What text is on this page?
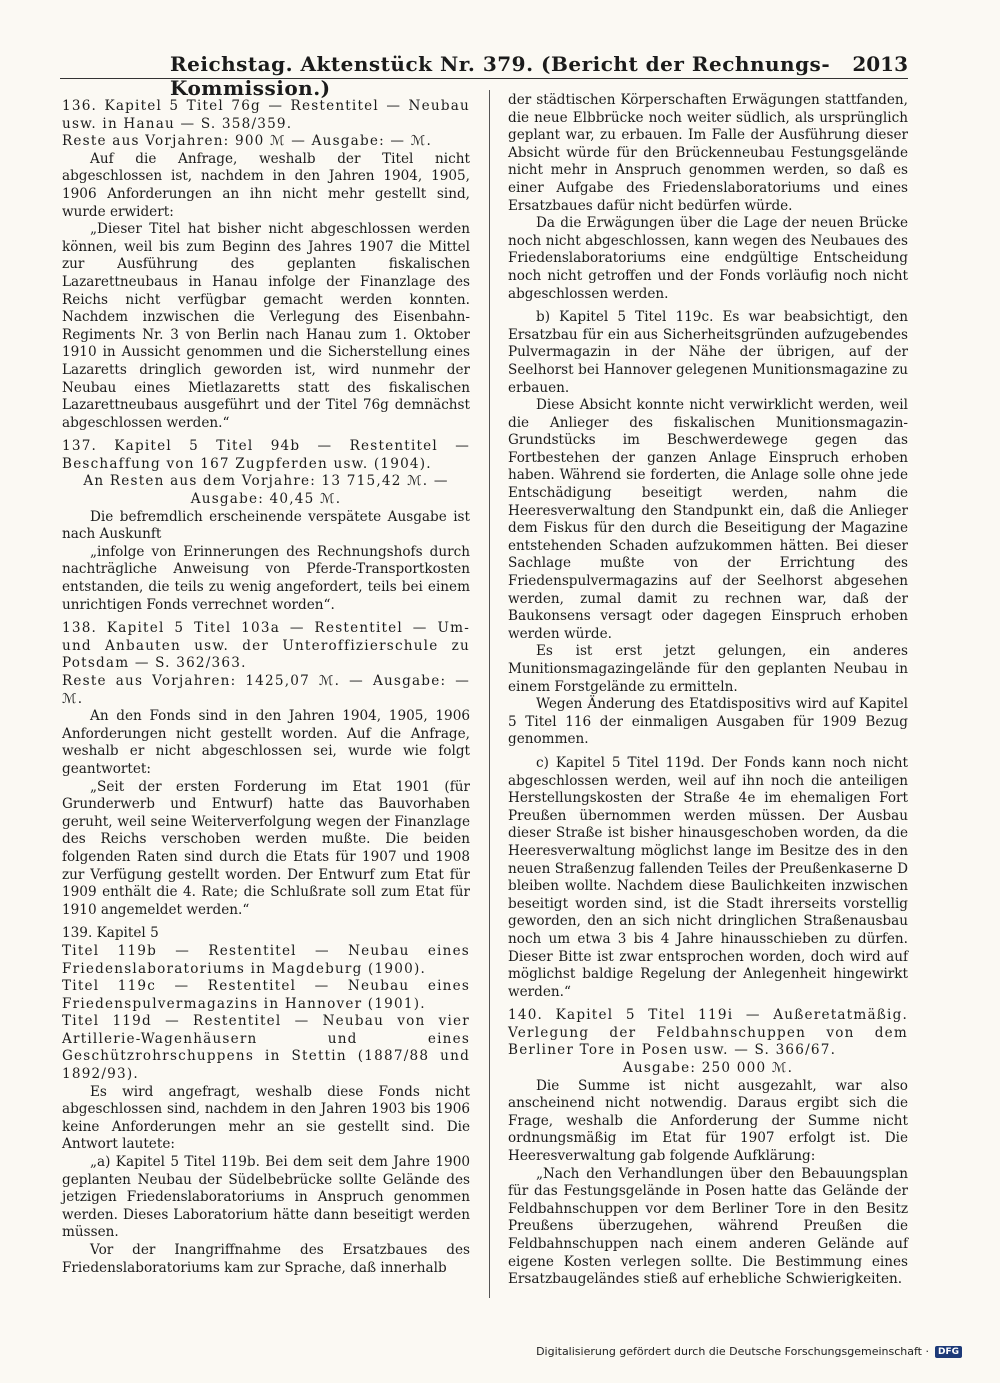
Reichstag. Aktenstück Nr. 379. (Bericht der Rechnungs-Kommission.)
2013

136. Kapitel 5 Titel 76g — Restentitel — Neubau usw. in Hanau — S. 358/359.

Reste aus Vorjahren: 900 ℳ — Ausgabe: — ℳ.

Auf die Anfrage, weshalb der Titel nicht abgeschlossen ist, nachdem in den Jahren 1904, 1905, 1906 Anforderungen an ihn nicht mehr gestellt sind, wurde erwidert:

„Dieser Titel hat bisher nicht abgeschlossen werden können, weil bis zum Beginn des Jahres 1907 die Mittel zur Ausführung des geplanten fiskalischen Lazarettneubaus in Hanau infolge der Finanzlage des Reichs nicht verfügbar gemacht werden konnten. Nachdem inzwischen die Verlegung des Eisenbahn-Regiments Nr. 3 von Berlin nach Hanau zum 1. Oktober 1910 in Aussicht genommen und die Sicherstellung eines Lazaretts dringlich geworden ist, wird nunmehr der Neubau eines Mietlazaretts statt des fiskalischen Lazarettneubaus ausgeführt und der Titel 76g demnächst abgeschlossen werden.“

137. Kapitel 5 Titel 94b — Restentitel — Beschaffung von 167 Zugpferden usw. (1904).

An Resten aus dem Vorjahre: 13 715,42 ℳ. — Ausgabe: 40,45 ℳ.

Die befremdlich erscheinende verspätete Ausgabe ist nach Auskunft

„infolge von Erinnerungen des Rechnungshofs durch nachträgliche Anweisung von Pferde-Transportkosten entstanden, die teils zu wenig angefordert, teils bei einem unrichtigen Fonds verrechnet worden“.

138. Kapitel 5 Titel 103a — Restentitel — Um- und Anbauten usw. der Unteroffizierschule zu Potsdam — S. 362/363.

Reste aus Vorjahren: 1425,07 ℳ. — Ausgabe: — ℳ.

An den Fonds sind in den Jahren 1904, 1905, 1906 Anforderungen nicht gestellt worden. Auf die Anfrage, weshalb er nicht abgeschlossen sei, wurde wie folgt geantwortet:

„Seit der ersten Forderung im Etat 1901 (für Grunderwerb und Entwurf) hatte das Bauvorhaben geruht, weil seine Weiterverfolgung wegen der Finanzlage des Reichs verschoben werden mußte. Die beiden folgenden Raten sind durch die Etats für 1907 und 1908 zur Verfügung gestellt worden. Der Entwurf zum Etat für 1909 enthält die 4. Rate; die Schlußrate soll zum Etat für 1910 angemeldet werden.“

139. Kapitel 5

Titel 119b — Restentitel — Neubau eines Friedenslaboratoriums in Magdeburg (1900).

Titel 119c — Restentitel — Neubau eines Friedenspulvermagazins in Hannover (1901).

Titel 119d — Restentitel — Neubau von vier Artillerie-Wagenhäusern und eines Geschützrohrschuppens in Stettin (1887/88 und 1892/93).

Es wird angefragt, weshalb diese Fonds nicht abgeschlossen sind, nachdem in den Jahren 1903 bis 1906 keine Anforderungen mehr an sie gestellt sind. Die Antwort lautete:

„a) Kapitel 5 Titel 119b. Bei dem seit dem Jahre 1900 geplanten Neubau der Südelbebrücke sollte Gelände des jetzigen Friedenslaboratoriums in Anspruch genommen werden. Dieses Laboratorium hätte dann beseitigt werden müssen.

Vor der Inangriffnahme des Ersatzbaues des Friedenslaboratoriums kam zur Sprache, daß innerhalb

der städtischen Körperschaften Erwägungen stattfanden, die neue Elbbrücke noch weiter südlich, als ursprünglich geplant war, zu erbauen. Im Falle der Ausführung dieser Absicht würde für den Brückenneubau Festungsgelände nicht mehr in Anspruch genommen werden, so daß es einer Aufgabe des Friedenslaboratoriums und eines Ersatzbaues dafür nicht bedürfen würde.

Da die Erwägungen über die Lage der neuen Brücke noch nicht abgeschlossen, kann wegen des Neubaues des Friedenslaboratoriums eine endgültige Entscheidung noch nicht getroffen und der Fonds vorläufig noch nicht abgeschlossen werden.

b) Kapitel 5 Titel 119c. Es war beabsichtigt, den Ersatzbau für ein aus Sicherheitsgründen aufzugebendes Pulvermagazin in der Nähe der übrigen, auf der Seelhorst bei Hannover gelegenen Munitionsmagazine zu erbauen.

Diese Absicht konnte nicht verwirklicht werden, weil die Anlieger des fiskalischen Munitionsmagazin-Grundstücks im Beschwerdewege gegen das Fortbestehen der ganzen Anlage Einspruch erhoben haben. Während sie forderten, die Anlage solle ohne jede Entschädigung beseitigt werden, nahm die Heeresverwaltung den Standpunkt ein, daß die Anlieger dem Fiskus für den durch die Beseitigung der Magazine entstehenden Schaden aufzukommen hätten. Bei dieser Sachlage mußte von der Errichtung des Friedenspulvermagazins auf der Seelhorst abgesehen werden, zumal damit zu rechnen war, daß der Baukonsens versagt oder dagegen Einspruch erhoben werden würde.

Es ist erst jetzt gelungen, ein anderes Munitionsmagazingelände für den geplanten Neubau in einem Forstgelände zu ermitteln.

Wegen Änderung des Etatdispositivs wird auf Kapitel 5 Titel 116 der einmaligen Ausgaben für 1909 Bezug genommen.

c) Kapitel 5 Titel 119d. Der Fonds kann noch nicht abgeschlossen werden, weil auf ihn noch die anteiligen Herstellungskosten der Straße 4e im ehemaligen Fort Preußen übernommen werden müssen. Der Ausbau dieser Straße ist bisher hinausgeschoben worden, da die Heeresverwaltung möglichst lange im Besitze des in den neuen Straßenzug fallenden Teiles der Preußenkaserne D bleiben wollte. Nachdem diese Baulichkeiten inzwischen beseitigt worden sind, ist die Stadt ihrerseits vorstellig geworden, den an sich nicht dringlichen Straßenausbau noch um etwa 3 bis 4 Jahre hinausschieben zu dürfen. Dieser Bitte ist zwar entsprochen worden, doch wird auf möglichst baldige Regelung der Anlegenheit hingewirkt werden.“

140. Kapitel 5 Titel 119i — Außeretatmäßig. Verlegung der Feldbahnschuppen von dem Berliner Tore in Posen usw. — S. 366/67.

Ausgabe: 250 000 ℳ.

Die Summe ist nicht ausgezahlt, war also anscheinend nicht notwendig. Daraus ergibt sich die Frage, weshalb die Anforderung der Summe nicht ordnungsmäßig im Etat für 1907 erfolgt ist. Die Heeresverwaltung gab folgende Aufklärung:

„Nach den Verhandlungen über den Bebauungsplan für das Festungsgelände in Posen hatte das Gelände der Feldbahnschuppen vor dem Berliner Tore in den Besitz Preußens überzugehen, während Preußen die Feldbahnschuppen nach einem anderen Gelände auf eigene Kosten verlegen sollte. Die Bestimmung eines Ersatzbaugeländes stieß auf erhebliche Schwierigkeiten.

Digitalisierung gefördert durch die Deutsche Forschungsgemeinschaft ·	DFG
